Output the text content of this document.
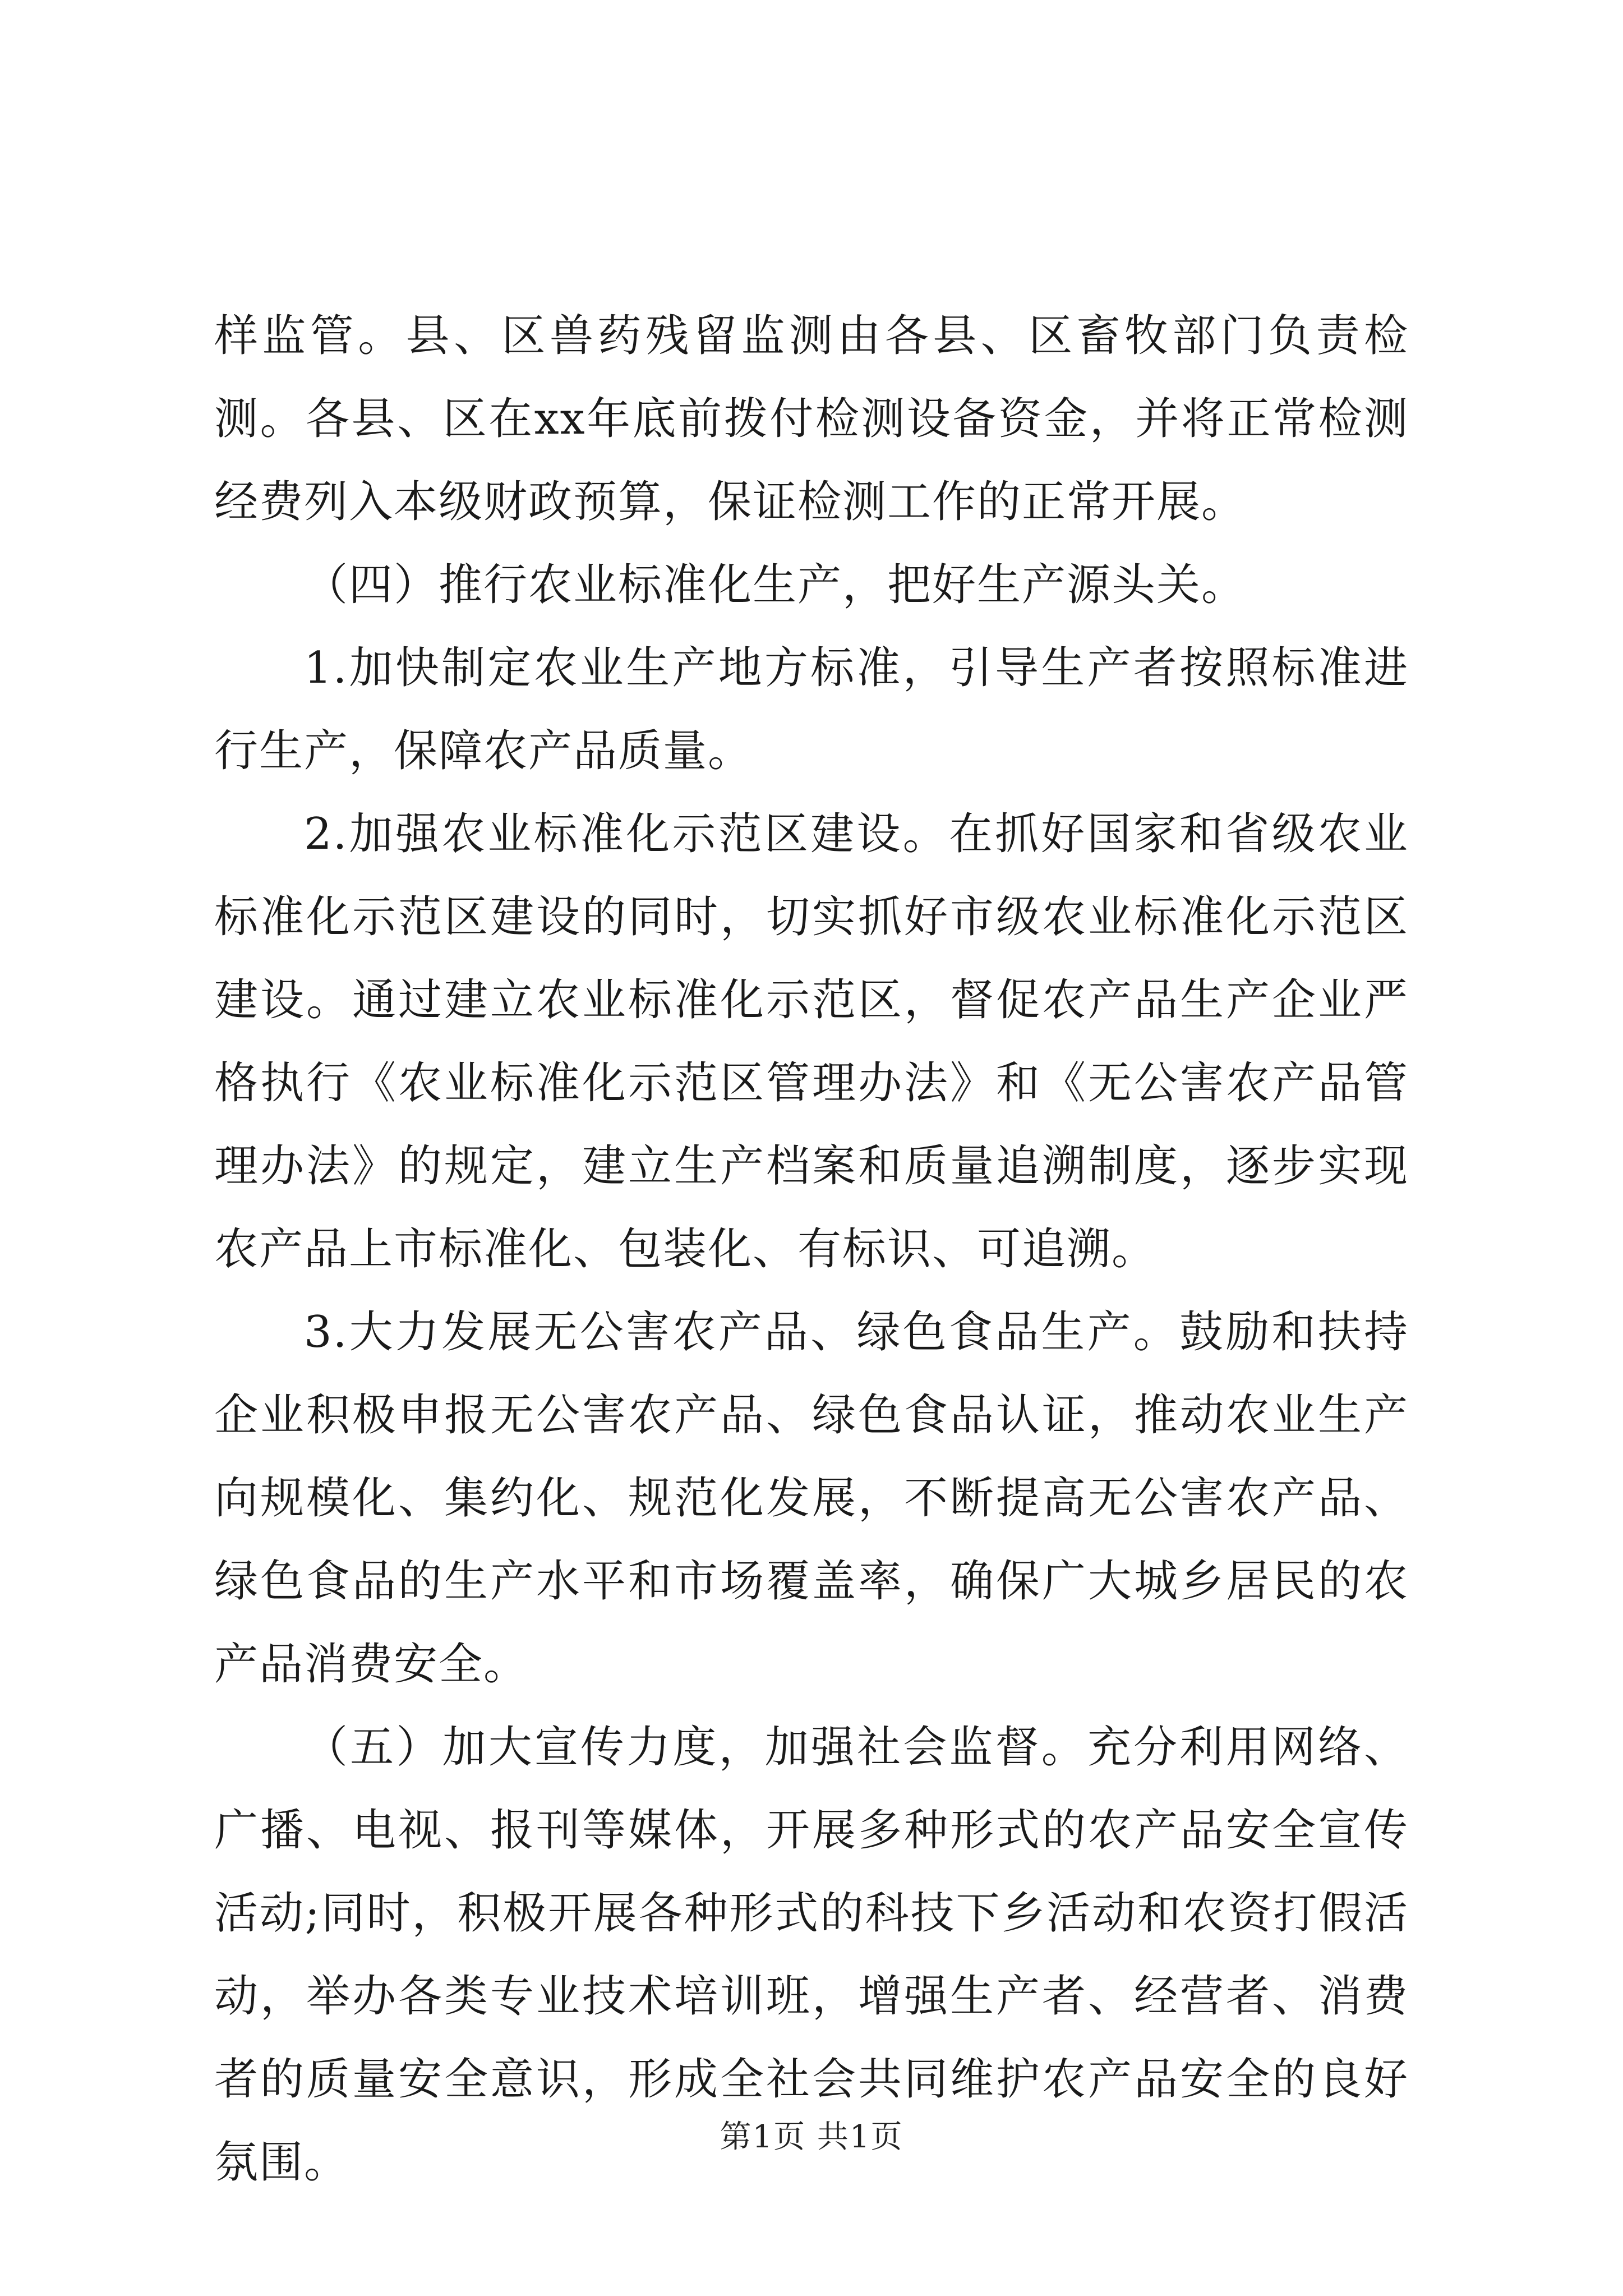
样监管。县、区兽药残留监测由各县、区畜牧部门负责检测。各县、区在xx年底前拨付检测设备资金，并将正常检测经费列入本级财政预算，保证检测工作的正常开展。

（四）推行农业标准化生产，把好生产源头关。

1.加快制定农业生产地方标准，引导生产者按照标准进行生产，保障农产品质量。

2.加强农业标准化示范区建设。在抓好国家和省级农业标准化示范区建设的同时，切实抓好市级农业标准化示范区建设。通过建立农业标准化示范区，督促农产品生产企业严格执行《农业标准化示范区管理办法》和《无公害农产品管理办法》的规定，建立生产档案和质量追溯制度，逐步实现农产品上市标准化、包装化、有标识、可追溯。

3.大力发展无公害农产品、绿色食品生产。鼓励和扶持企业积极申报无公害农产品、绿色食品认证，推动农业生产向规模化、集约化、规范化发展，不断提高无公害农产品、绿色食品的生产水平和市场覆盖率，确保广大城乡居民的农产品消费安全。

（五）加大宣传力度，加强社会监督。充分利用网络、广播、电视、报刊等媒体，开展多种形式的农产品安全宣传活动;同时，积极开展各种形式的科技下乡活动和农资打假活动，举办各类专业技术培训班，增强生产者、经营者、消费者的质量安全意识，形成全社会共同维护农产品安全的良好氛围。

第1页 共1页
